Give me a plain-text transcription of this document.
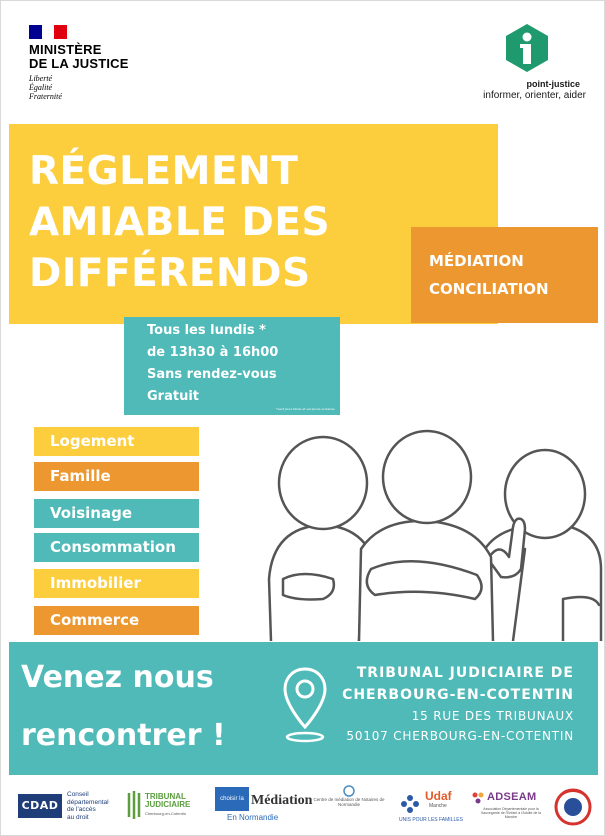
MINISTÈRE
DE LA JUSTICE
Liberté
Égalité
Fraternité
point-justice
informer, orienter, aider
RÉGLEMENT
AMIABLE DES
DIFFÉRENDS	MÉDIATION
CONCILIATION
Tous les lundis *
de 13h30 à 16h00
Sans rendez-vous
Gratuit
*sauf jours fériés et vacances scolaires
Logement
Famille
Voisinage
Consommation
Immobilier
Commerce
Venez nous
rencontrer !
TRIBUNAL JUDICIAIRE DE
CHERBOURG-EN-COTENTIN
15 RUE DES TRIBUNAUX
50107 CHERBOURG-EN-COTENTIN
CDAD
Conseil
départemental
de l'accès
au droit
TRIBUNAL
JUDICIAIRE
Cherbourg-en-Cotentin
choisir la Médiation
En Normandie
Centre de médiation de Notaires de Normandie
Udaf
Manche
UNIS POUR LES FAMILLES
ADSEAM
Association Départementale pour la Sauvegarde de l'Enfant à l'Adulte de la Manche
